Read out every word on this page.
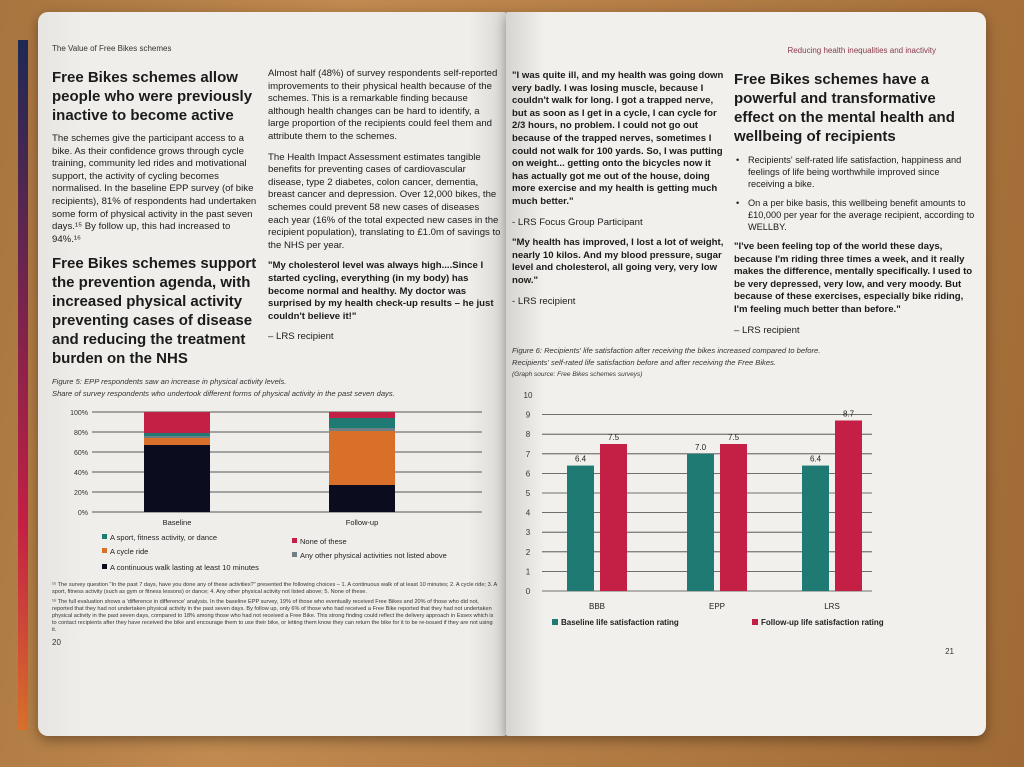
The Value of Free Bikes schemes
Free Bikes schemes allow people who were previously inactive to become active
The schemes give the participant access to a bike. As their confidence grows through cycle training, community led rides and motivational support, the activity of cycling becomes normalised. In the baseline EPP survey (of bike recipients), 81% of respondents had undertaken some form of physical activity in the past seven days.¹⁵ By follow up, this had increased to 94%.¹⁶
Free Bikes schemes support the prevention agenda, with increased physical activity preventing cases of disease and reducing the treatment burden on the NHS
Almost half (48%) of survey respondents self-reported improvements to their physical health because of the schemes. This is a remarkable finding because although health changes can be hard to identify, a large proportion of the recipients could feel them and attribute them to the schemes.
The Health Impact Assessment estimates tangible benefits for preventing cases of cardiovascular disease, type 2 diabetes, colon cancer, dementia, breast cancer and depression. Over 12,000 bikes, the schemes could prevent 58 new cases of diseases each year (16% of the total expected new cases in the recipient population), translating to £1.0m of savings to the NHS per year.
"My cholesterol level was always high....Since I started cycling, everything (in my body) has become normal and healthy. My doctor was surprised by my health check-up results – he just couldn't believe it!"
– LRS recipient
Figure 5: EPP respondents saw an increase in physical activity levels.
Share of survey respondents who undertook different forms of physical activity in the past seven days.
0%
20%
40%
60%
80%
100%
Baseline	Follow-up
A sport, fitness activity, or dance	None of these
A cycle ride	Any other physical activities not listed above
A continuous walk lasting at least 10 minutes
¹⁵ The survey question "In the past 7 days, have you done any of these activities?" presented the following choices – 1. A continuous walk of at least 10 minutes; 2. A cycle ride; 3. A sport, fitness activity (such as gym or fitness lessons) or dance; 4. Any other physical activity not listed above; 5. None of these.
¹⁶ The full evaluation shows a 'difference in difference' analysis. In the baseline EPP survey, 19% of those who eventually received Free Bikes and 20% of those who did not, reported that they had not undertaken physical activity in the past seven days. By follow up, only 6% of those who had received a Free Bike reported that they had not undertaken physical activity in the past seven days, compared to 18% among those who had not received a Free Bike. This strong finding could reflect the delivery approach in Essex which is to contact recipients after they have received the bike and encourage them to use their bike, or letting them know they can return the bike for it to be re-issued if they are not using it.
20
Reducing health inequalities and inactivity
"I was quite ill, and my health was going down very badly. I was losing muscle, because I couldn't walk for long. I got a trapped nerve, but as soon as I get in a cycle, I can cycle for 2/3 hours, no problem. I could not go out because of the trapped nerves, sometimes I could not walk for 100 yards. So, I was putting on weight... getting onto the bicycles now it has actually got me out of the house, doing more exercise and my health is getting much much better."
- LRS Focus Group Participant
"My health has improved, I lost a lot of weight, nearly 10 kilos. And my blood pressure, sugar level and cholesterol, all going very, very low now."
- LRS recipient
Free Bikes schemes have a powerful and transformative effect on the mental health and wellbeing of recipients
• Recipients' self-rated life satisfaction, happiness and feelings of life being worthwhile improved since receiving a bike.
• On a per bike basis, this wellbeing benefit amounts to £10,000 per year for the average recipient, according to WELLBY.
"I've been feeling top of the world these days, because I'm riding three times a week, and it really makes the difference, mentally specifically. I used to be very depressed, very low, and very moody. But because of these exercises, especially bike riding, I'm feeling much better than before."
– LRS recipient
Figure 6: Recipients' life satisfaction after receiving the bikes increased compared to before.
Recipients' self-rated life satisfaction before and after receiving the Free Bikes.
(Graph source: Free Bikes schemes surveys)
0
1
2
3
4
5
6
7
8
9
10
6.4
7.5
BBB
7.0
7.5
EPP
6.4
8.7
LRS
Baseline life satisfaction rating	Follow-up life satisfaction rating
21
